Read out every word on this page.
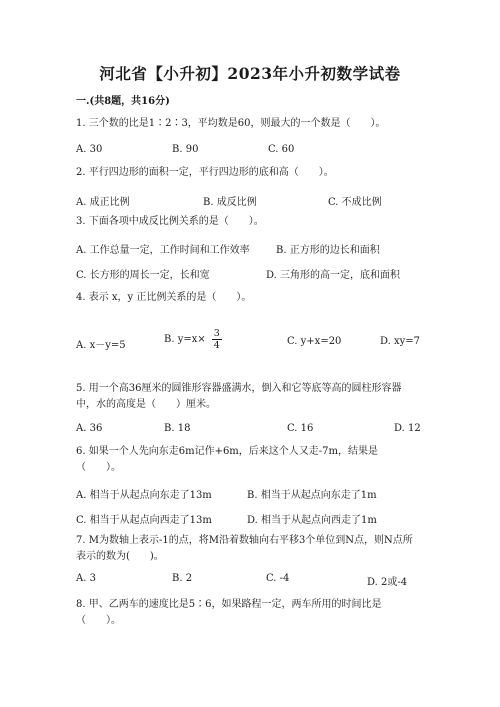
河北省【小升初】2023年小升初数学试卷
一.(共8题，共16分)
1. 三个数的比是1∶2∶3，平均数是60，则最大的一个数是（　　）。
A. 30	B. 90	C. 60
2. 平行四边形的面积一定，平行四边形的底和高（　　）。
A. 成正比例	B. 成反比例	C. 不成比例
3. 下面各项中成反比例关系的是（　　）。
A. 工作总量一定，工作时间和工作效率	B. 正方形的边长和面积
C. 长方形的周长一定，长和宽	D. 三角形的高一定，底和面积
4. 表示 x，y 正比例关系的是（　　）。
A. x－y=5
B. $y=x\times \frac{3}{4}$	C. y+x=20	D. xy=7
5. 用一个高36厘米的圆锥形容器盛满水，倒入和它等底等高的圆柱形容器中，水的高度是（　　）厘米。
A. 36	B. 18	C. 16	D. 12
6. 如果一个人先向东走6m记作+6m，后来这个人又走-7m，结果是（　　）。
A. 相当于从起点向东走了13m	B. 相当于从起点向东走了1m
C. 相当于从起点向西走了13m	D. 相当于从起点向西走了1m
7. M为数轴上表示-1的点，将M沿着数轴向右平移3个单位到N点，则N点所表示的数为(　　)。
A. 3	B. 2	C. -4	D. 2或-4
8. 甲、乙两车的速度比是5∶6，如果路程一定，两车所用的时间比是（　　）。
